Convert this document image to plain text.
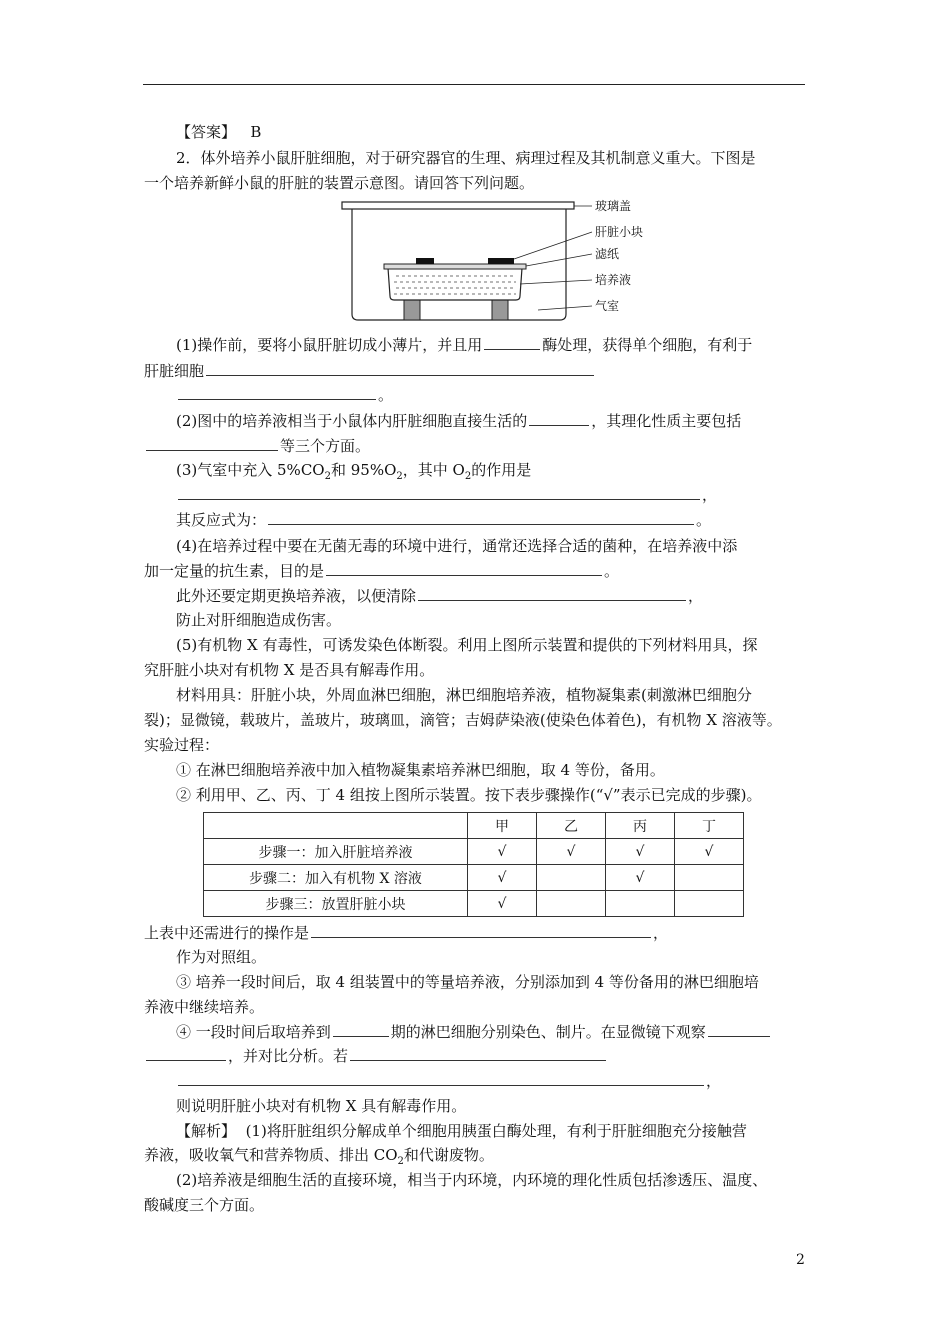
【答案】 B
2．体外培养小鼠肝脏细胞，对于研究器官的生理、病理过程及其机制意义重大。下图是
一个培养新鲜小鼠的肝脏的装置示意图。请回答下列问题。
玻璃盖
肝脏小块
滤纸
培养液
气室
(1)操作前，要将小鼠肝脏切成小薄片，并且用	酶处理，获得单个细胞，有利于
肝脏细胞
。
(2)图中的培养液相当于小鼠体内肝脏细胞直接生活的	，其理化性质主要包括
等三个方面。
(3)气室中充入 $5\%CO_2$和 $95\%O_2$，其中 $O_2$的作用是
，
其反应式为：	。
(4)在培养过程中要在无菌无毒的环境中进行，通常还选择合适的菌种，在培养液中添
加一定量的抗生素，目的是	。
此外还要定期更换培养液，以便清除	，
防止对肝细胞造成伤害。
(5)有机物 X 有毒性，可诱发染色体断裂。利用上图所示装置和提供的下列材料用具，探
究肝脏小块对有机物 X 是否具有解毒作用。
材料用具：肝脏小块，外周血淋巴细胞，淋巴细胞培养液，植物凝集素(刺激淋巴细胞分
裂)；显微镜，载玻片，盖玻片，玻璃皿，滴管；吉姆萨染液(使染色体着色)，有机物 X 溶液等。
实验过程：
① 在淋巴细胞培养液中加入植物凝集素培养淋巴细胞，取 4 等份，备用。
② 利用甲、乙、丙、丁 4 组按上图所示装置。按下表步骤操作(“√”表示已完成的步骤)。
	甲	乙	丙	丁
步骤一：加入肝脏培养液	√	√	√	√
步骤二：加入有机物 X 溶液	√		√	
步骤三：放置肝脏小块	√			
上表中还需进行的操作是	，
作为对照组。
③ 培养一段时间后，取 4 组装置中的等量培养液，分别添加到 4 等份备用的淋巴细胞培
养液中继续培养。
④ 一段时间后取培养到	期的淋巴细胞分别染色、制片。在显微镜下观察
，并对比分析。若
，
则说明肝脏小块对有机物 X 具有解毒作用。
【解析】 (1)将肝脏组织分解成单个细胞用胰蛋白酶处理，有利于肝脏细胞充分接触营
养液，吸收氧气和营养物质、排出 $CO_2$和代谢废物。
(2)培养液是细胞生活的直接环境，相当于内环境，内环境的理化性质包括渗透压、温度、
酸碱度三个方面。
2
